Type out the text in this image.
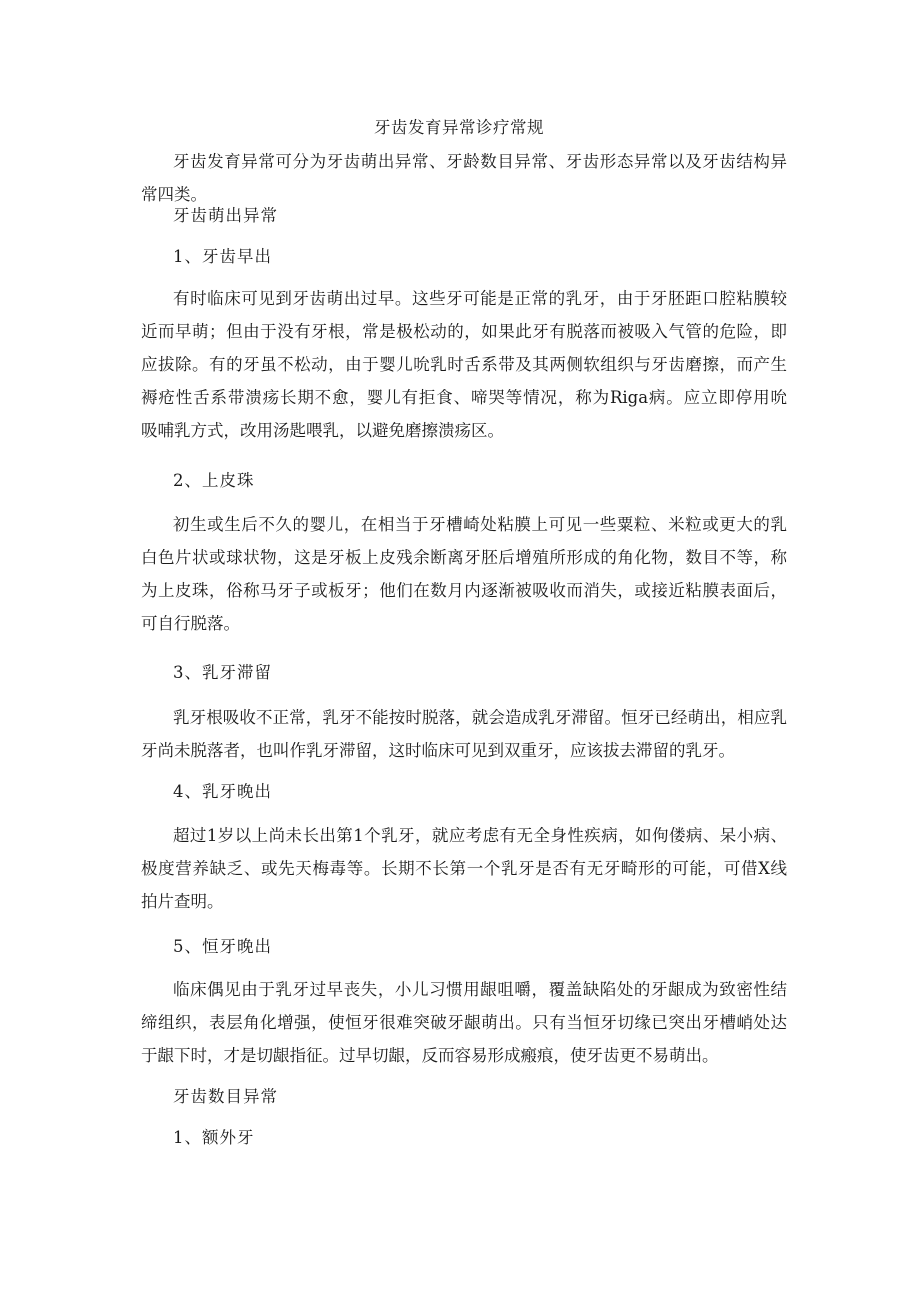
牙齿发育异常诊疗常规
牙齿发育异常可分为牙齿萌出异常、牙龄数目异常、牙齿形态异常以及牙齿结构异
常四类。
牙齿萌出异常
1、牙齿早出
有时临床可见到牙齿萌出过早。这些牙可能是正常的乳牙，由于牙胚距口腔粘膜较
近而早萌；但由于没有牙根，常是极松动的，如果此牙有脱落而被吸入气管的危险，即
应拔除。有的牙虽不松动，由于婴儿吮乳时舌系带及其两侧软组织与牙齿磨擦，而产生
褥疮性舌系带溃疡长期不愈，婴儿有拒食、啼哭等情况，称为Riga病。应立即停用吮
吸哺乳方式，改用汤匙喂乳，以避免磨擦溃疡区。
2、上皮珠
初生或生后不久的婴儿，在相当于牙槽崎处粘膜上可见一些粟粒、米粒或更大的乳
白色片状或球状物，这是牙板上皮残余断离牙胚后增殖所形成的角化物，数目不等，称
为上皮珠，俗称马牙子或板牙；他们在数月内逐渐被吸收而消失，或接近粘膜表面后，
可自行脱落。
3、乳牙滞留
乳牙根吸收不正常，乳牙不能按时脱落，就会造成乳牙滞留。恒牙已经萌出，相应乳
牙尚未脱落者，也叫作乳牙滞留，这时临床可见到双重牙，应该拔去滞留的乳牙。
4、乳牙晚出
超过1岁以上尚未长出第1个乳牙，就应考虑有无全身性疾病，如佝偻病、呆小病、
极度营养缺乏、或先天梅毒等。长期不长第一个乳牙是否有无牙畸形的可能，可借X线
拍片查明。
5、恒牙晚出
临床偶见由于乳牙过早丧失，小儿习惯用龈咀嚼，覆盖缺陷处的牙龈成为致密性结
缔组织，表层角化增强，使恒牙很难突破牙龈萌出。只有当恒牙切缘已突出牙槽峭处达
于龈下时，才是切龈指征。过早切龈，反而容易形成瘢痕，使牙齿更不易萌出。
牙齿数目异常
1、额外牙
